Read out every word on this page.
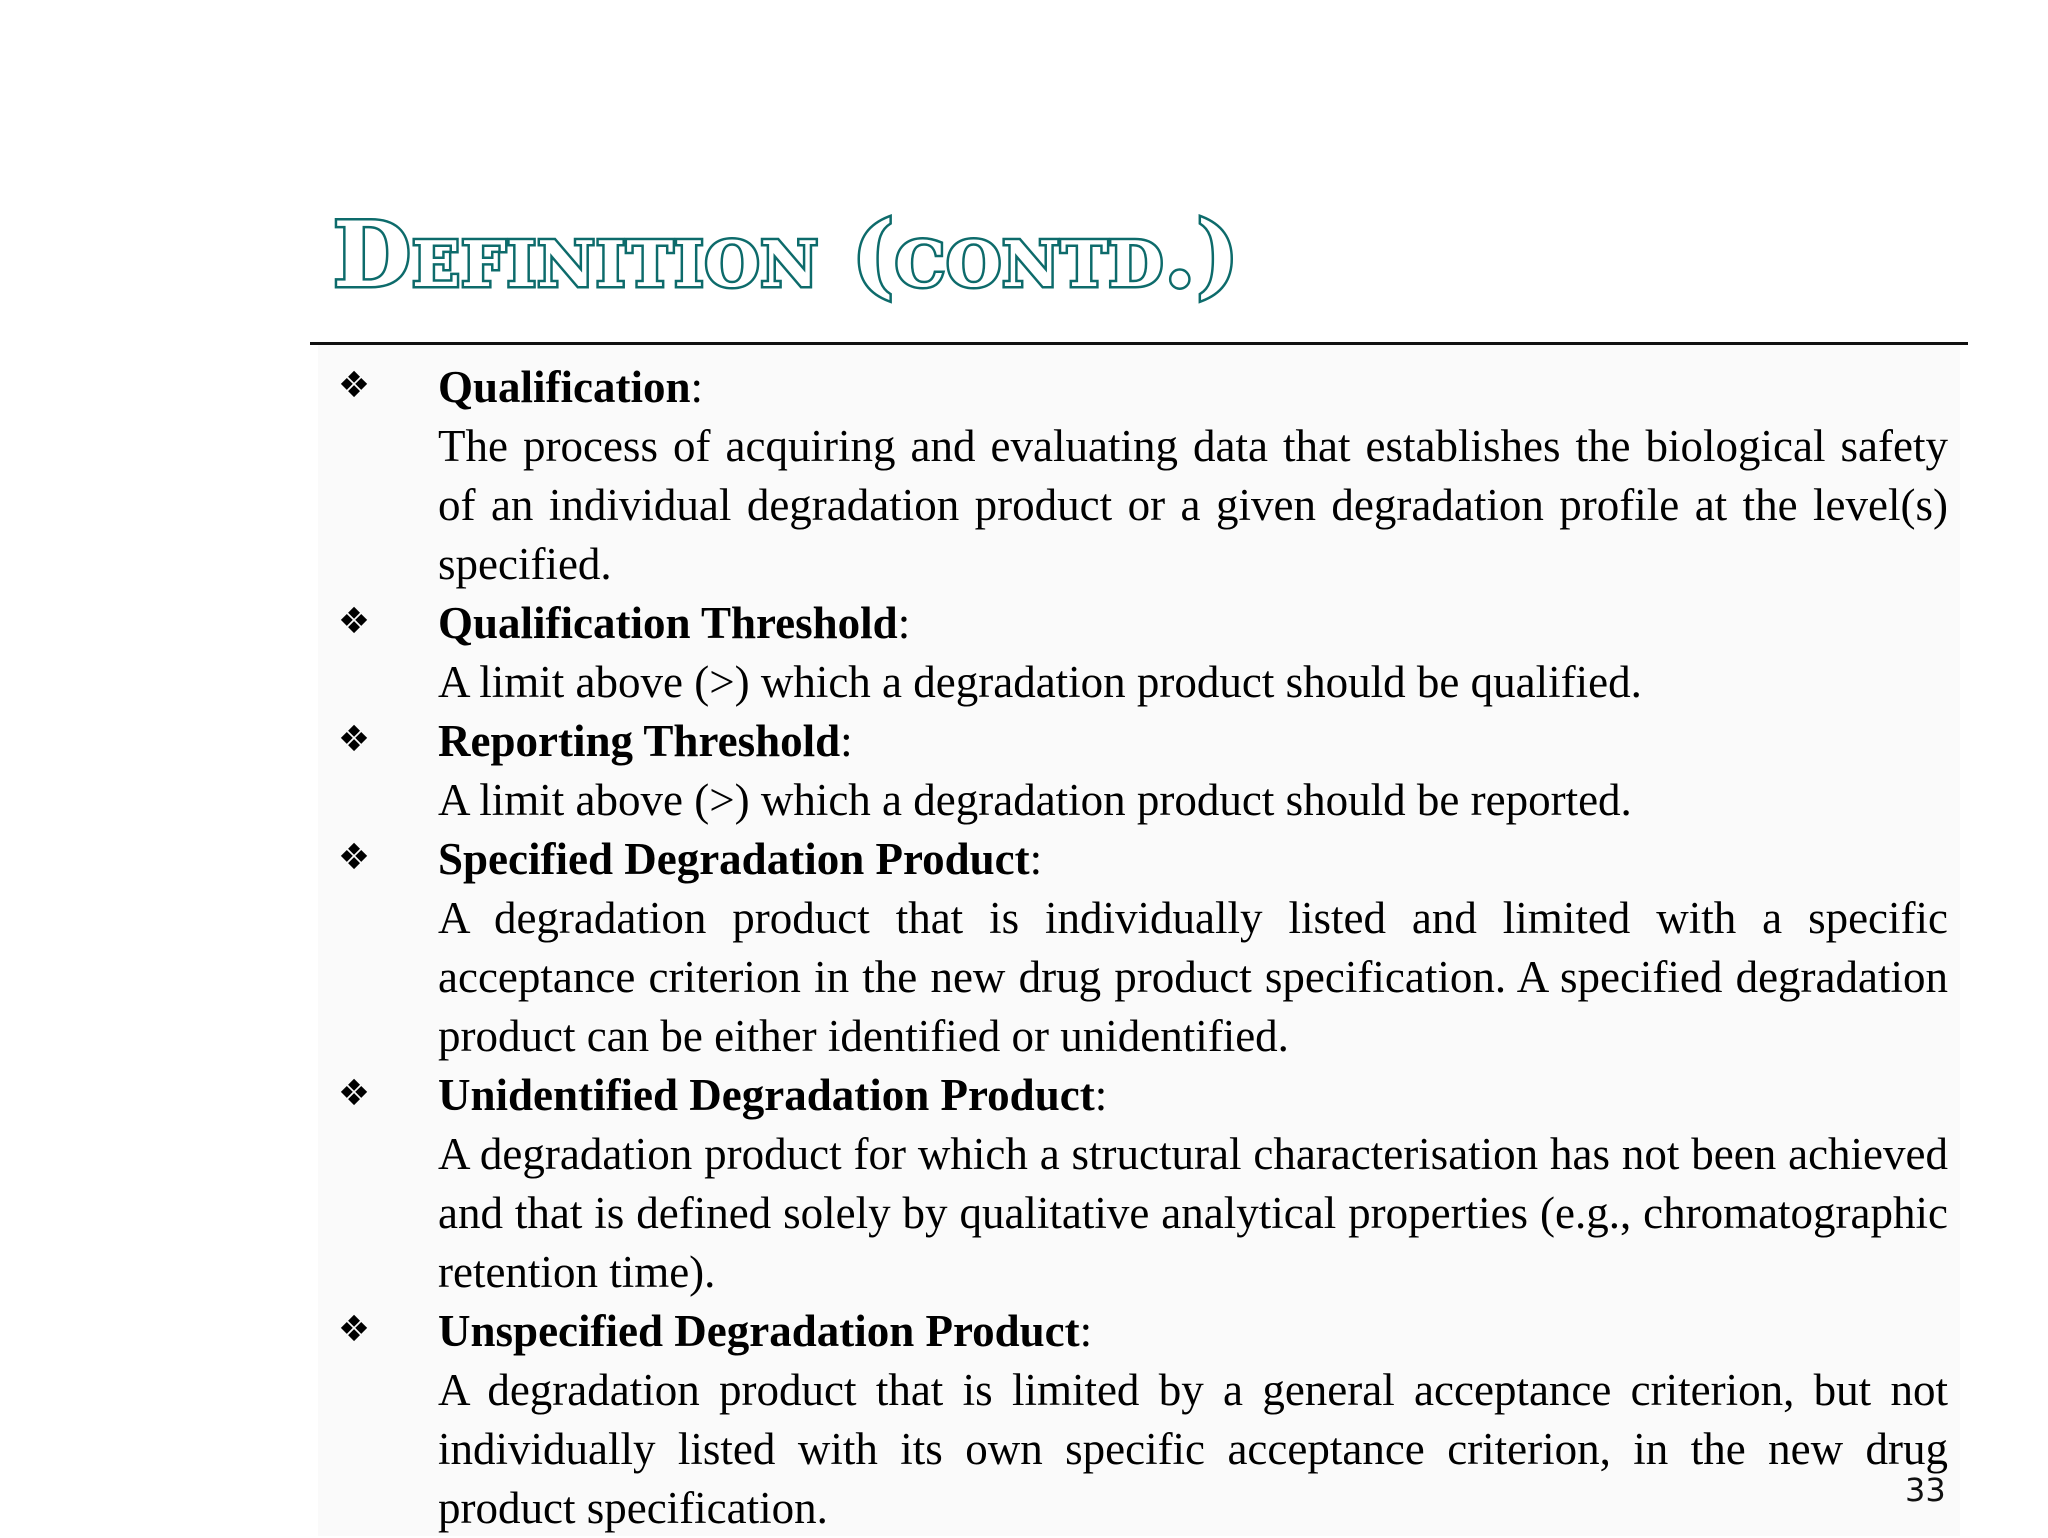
Definition (contd.)
❖ Qualification:
The process of acquiring and evaluating data that establishes the biological safety of an individual degradation product or a given degradation profile at the level(s) specified.
❖ Qualification Threshold:
A limit above (>) which a degradation product should be qualified.
❖ Reporting Threshold:
A limit above (>) which a degradation product should be reported.
❖ Specified Degradation Product:
A degradation product that is individually listed and limited with a specific acceptance criterion in the new drug product specification. A specified degradation product can be either identified or unidentified.
❖ Unidentified Degradation Product:
A degradation product for which a structural characterisation has not been achieved and that is defined solely by qualitative analytical properties (e.g., chromatographic retention time).
❖ Unspecified Degradation Product:
A degradation product that is limited by a general acceptance criterion, but not individually listed with its own specific acceptance criterion, in the new drug product specification.	33
